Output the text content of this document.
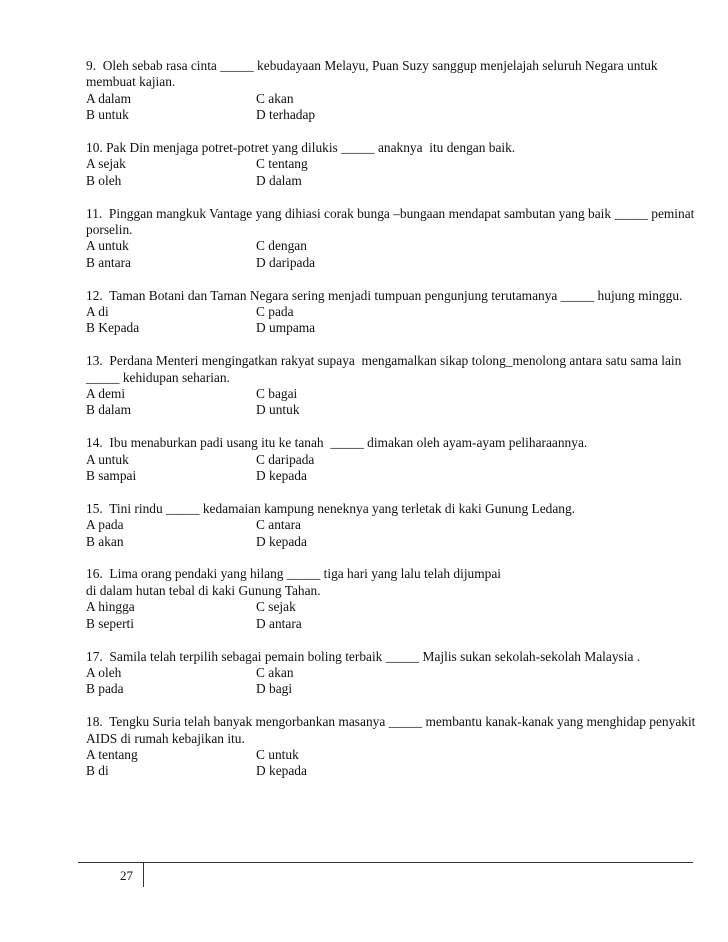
9.  Oleh sebab rasa cinta _____ kebudayaan Melayu, Puan Suzy sanggup menjelajah seluruh Negara untuk membuat kajian.

A dalam	C akan
B untuk	D terhadap

10. Pak Din menjaga potret-potret yang dilukis _____ anaknya  itu dengan baik.

A sejak	C tentang
B oleh	D dalam

11.  Pinggan mangkuk Vantage yang dihiasi corak bunga –bungaan mendapat sambutan yang baik _____ peminat porselin.

A untuk	C dengan
B antara	D daripada

12.  Taman Botani dan Taman Negara sering menjadi tumpuan pengunjung terutamanya _____ hujung minggu.

A di	C pada
B Kepada	D umpama

13.  Perdana Menteri mengingatkan rakyat supaya  mengamalkan sikap tolong_menolong antara satu sama lain _____ kehidupan seharian.

A demi	C bagai
B dalam	D untuk

14.  Ibu menaburkan padi usang itu ke tanah  _____ dimakan oleh ayam-ayam peliharaannya.

A untuk	C daripada
B sampai	D kepada

15.  Tini rindu _____ kedamaian kampung neneknya yang terletak di kaki Gunung Ledang.

A pada	C antara
B akan	D kepada

16.  Lima orang pendaki yang hilang _____ tiga hari yang lalu telah dijumpai
di dalam hutan tebal di kaki Gunung Tahan.

A hingga	C sejak
B seperti	D antara

17.  Samila telah terpilih sebagai pemain boling terbaik _____ Majlis sukan sekolah-sekolah Malaysia .

A oleh	C akan
B pada	D bagi

18.  Tengku Suria telah banyak mengorbankan masanya _____ membantu kanak-kanak yang menghidap penyakit AIDS di rumah kebajikan itu.

A tentang	C untuk
B di	D kepada
27
